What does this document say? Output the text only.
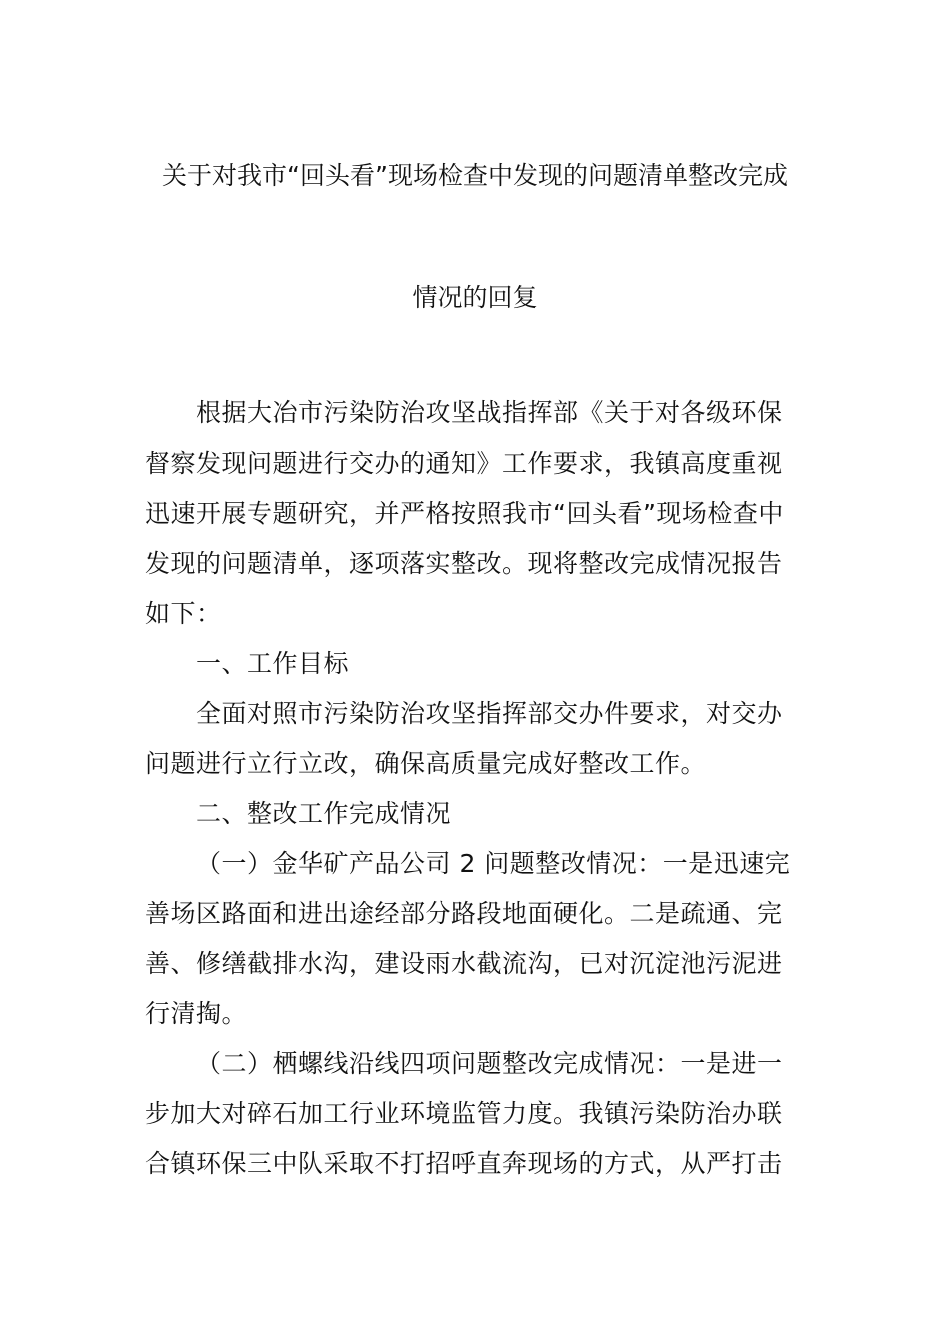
关于对我市“回头看”现场检查中发现的问题清单整改完成
情况的回复
根据大冶市污染防治攻坚战指挥部《关于对各级环保
督察发现问题进行交办的通知》工作要求，我镇高度重视
迅速开展专题研究，并严格按照我市“回头看”现场检查中
发现的问题清单，逐项落实整改。现将整改完成情况报告
如下：
一、工作目标
全面对照市污染防治攻坚指挥部交办件要求，对交办
问题进行立行立改，确保高质量完成好整改工作。
二、整改工作完成情况
（一）金华矿产品公司 2 问题整改情况：一是迅速完
善场区路面和进出途经部分路段地面硬化。二是疏通、完
善、修缮截排水沟，建设雨水截流沟，已对沉淀池污泥进
行清掏。
（二）栖螺线沿线四项问题整改完成情况：一是进一
步加大对碎石加工行业环境监管力度。我镇污染防治办联
合镇环保三中队采取不打招呼直奔现场的方式，从严打击
